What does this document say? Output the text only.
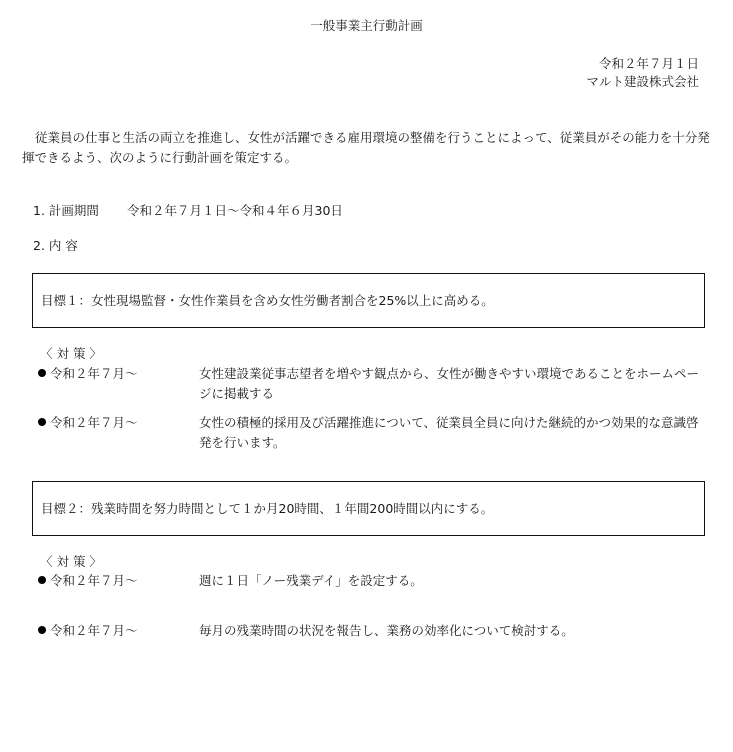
一般事業主行動計画
令和２年７月１日
マルト建設株式会社
従業員の仕事と生活の両立を推進し、女性が活躍できる雇用環境の整備を行うことによって、従業員がその能力を十分発揮できるよう、次のように行動計画を策定する。
1. 計画期間 令和２年７月１日〜令和４年６月30日
2. 内 容
目標１：女性現場監督・女性作業員を含め女性労働者割合を25%以上に高める。
〈 対 策 〉
令和２年７月〜	女性建設業従事志望者を増やす観点から、女性が働きやすい環境であることをホームページに掲載する
令和２年７月〜	女性の積極的採用及び活躍推進について、従業員全員に向けた継続的かつ効果的な意識啓発を行います。
目標２：残業時間を努力時間として１か月20時間、１年間200時間以内にする。
〈 対 策 〉
令和２年７月〜	週に１日「ノー残業デイ」を設定する。
令和２年７月〜	毎月の残業時間の状況を報告し、業務の効率化について検討する。
